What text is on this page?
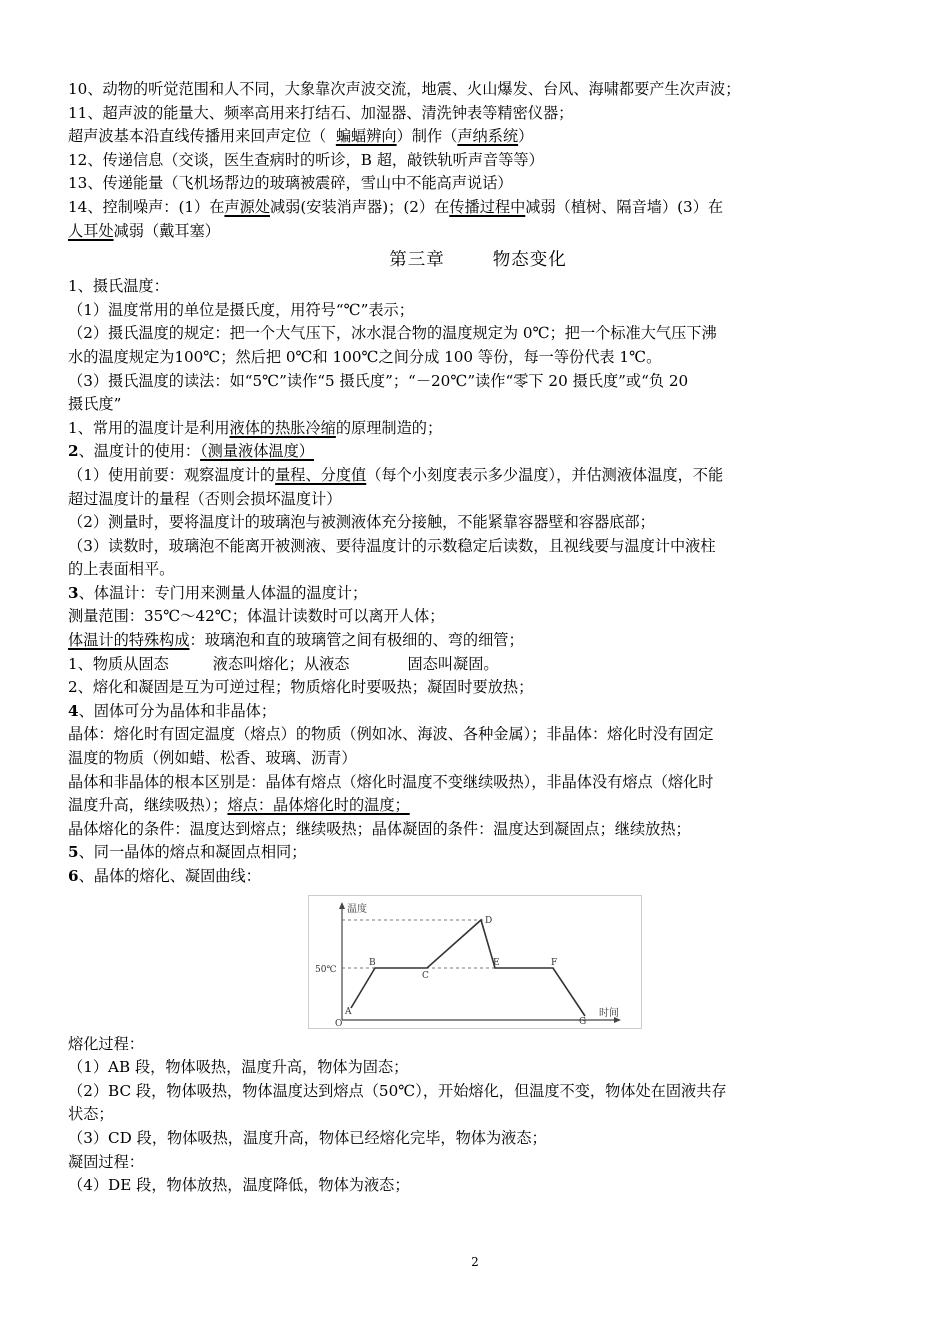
10、动物的听觉范围和人不同，大象靠次声波交流，地震、火山爆发、台风、海啸都要产生次声波；
11、超声波的能量大、频率高用来打结石、加湿器、清洗钟表等精密仪器；
超声波基本沿直线传播用来回声定位（ 蝙蝠辨向）制作（声纳系统）
12、传递信息（交谈，医生查病时的听诊，B 超，敲铁轨听声音等等）
13、传递能量（飞机场帮边的玻璃被震碎，雪山中不能高声说话）
14、控制噪声：(1）在声源处减弱(安装消声器)；(2）在传播过程中减弱（植树、隔音墙）(3）在
人耳处减弱（戴耳塞）
第三章	物态变化
1、摄氏温度：
（1）温度常用的单位是摄氏度，用符号“℃”表示；
（2）摄氏温度的规定：把一个大气压下，冰水混合物的温度规定为 0℃；把一个标准大气压下沸
水的温度规定为100℃；然后把 0℃和 100℃之间分成 100 等份，每一等份代表 1℃。
（3）摄氏温度的读法：如“5℃”读作“5 摄氏度”；“－20℃”读作“零下 20 摄氏度”或“负 20
摄氏度”
1、常用的温度计是利用液体的热胀冷缩的原理制造的；
2、温度计的使用：（测量液体温度）
（1）使用前要：观察温度计的量程、分度值（每个小刻度表示多少温度），并估测液体温度，不能
超过温度计的量程（否则会损坏温度计）
（2）测量时，要将温度计的玻璃泡与被测液体充分接触，不能紧靠容器壁和容器底部；
（3）读数时，玻璃泡不能离开被测液、要待温度计的示数稳定后读数，且视线要与温度计中液柱
的上表面相平。
3、体温计：专门用来测量人体温的温度计；
测量范围：35℃～42℃；体温计读数时可以离开人体；
体温计的特殊构成：玻璃泡和直的玻璃管之间有极细的、弯的细管；
1、物质从固态	液态叫熔化；从液态	固态叫凝固。
2、熔化和凝固是互为可逆过程；物质熔化时要吸热；凝固时要放热；
4、固体可分为晶体和非晶体；
晶体：熔化时有固定温度（熔点）的物质（例如冰、海波、各种金属）；非晶体：熔化时没有固定
温度的物质（例如蜡、松香、玻璃、沥青）
晶体和非晶体的根本区别是：晶体有熔点（熔化时温度不变继续吸热），非晶体没有熔点（熔化时
温度升高，继续吸热）；熔点：晶体熔化时的温度；
晶体熔化的条件：温度达到熔点；继续吸热；晶体凝固的条件：温度达到凝固点；继续放热；
5、同一晶体的熔点和凝固点相同；
6、晶体的熔化、凝固曲线：
温度
时间
50℃
O
A
B
C
D
E	F
G
熔化过程：
（1）AB 段，物体吸热，温度升高，物体为固态；
（2）BC 段，物体吸热，物体温度达到熔点（50℃），开始熔化，但温度不变，物体处在固液共存
状态；
（3）CD 段，物体吸热，温度升高，物体已经熔化完毕，物体为液态；
凝固过程：
（4）DE 段，物体放热，温度降低，物体为液态；
2
